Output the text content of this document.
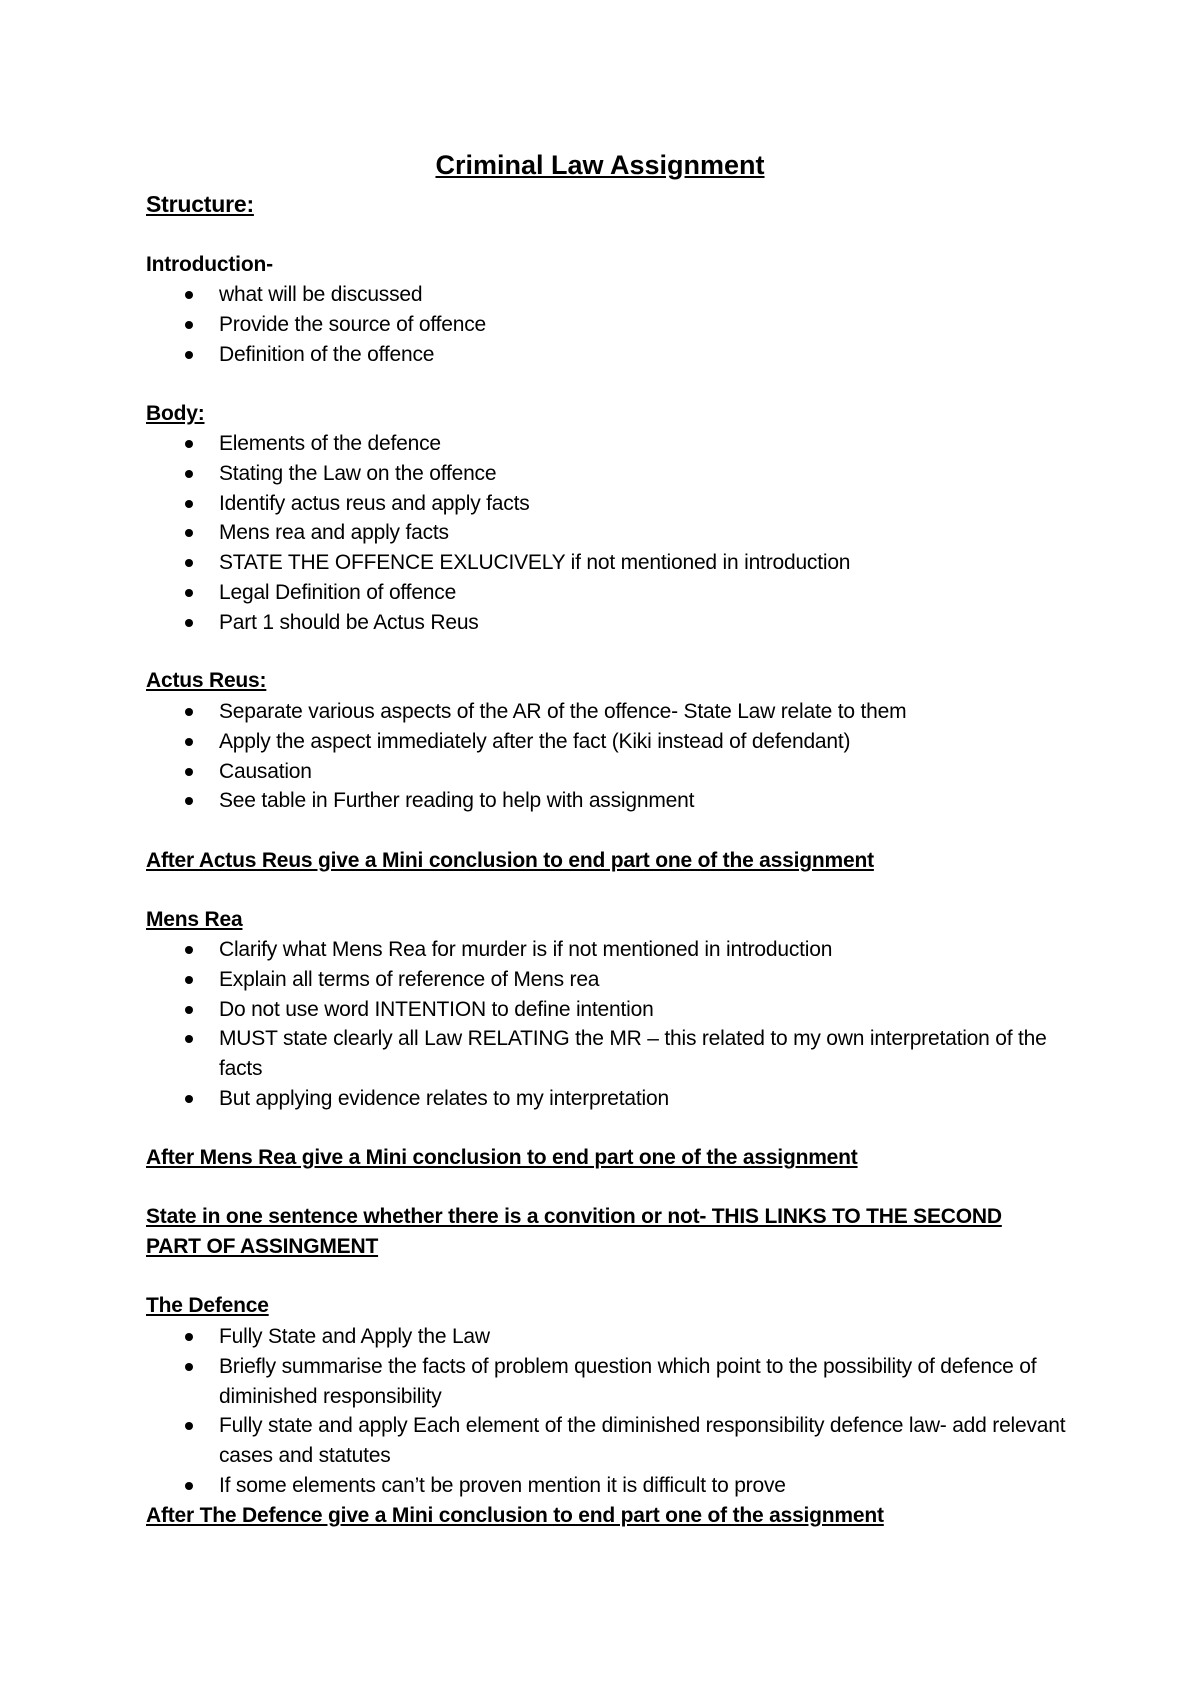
Criminal Law Assignment
Structure:
Introduction-
what will be discussed
Provide the source of offence
Definition of the offence
Body:
Elements of the defence
Stating the Law on the offence
Identify actus reus and apply facts
Mens rea and apply facts
STATE THE OFFENCE EXLUCIVELY if not mentioned in introduction
Legal Definition of offence
Part 1 should be Actus Reus
Actus Reus:
Separate various aspects of the AR of the offence- State Law relate to them
Apply the aspect immediately after the fact (Kiki instead of defendant)
Causation
See table in Further reading to help with assignment
After Actus Reus give a Mini conclusion to end part one of the assignment
Mens Rea
Clarify what Mens Rea for murder is if not mentioned in introduction
Explain all terms of reference of Mens rea
Do not use word INTENTION to define intention
MUST state clearly all Law RELATING the MR – this related to my own interpretation of the facts
But applying evidence relates to my interpretation
After Mens Rea give a Mini conclusion to end part one of the assignment
State in one sentence whether there is a convition or not- THIS LINKS TO THE SECOND
PART OF ASSINGMENT
The Defence
Fully State and Apply the Law
Briefly summarise the facts of problem question which point to the possibility of defence of diminished responsibility
Fully state and apply Each element of the diminished responsibility defence law- add relevant cases and statutes
If some elements can’t be proven mention it is difficult to prove
After The Defence give a Mini conclusion to end part one of the assignment
